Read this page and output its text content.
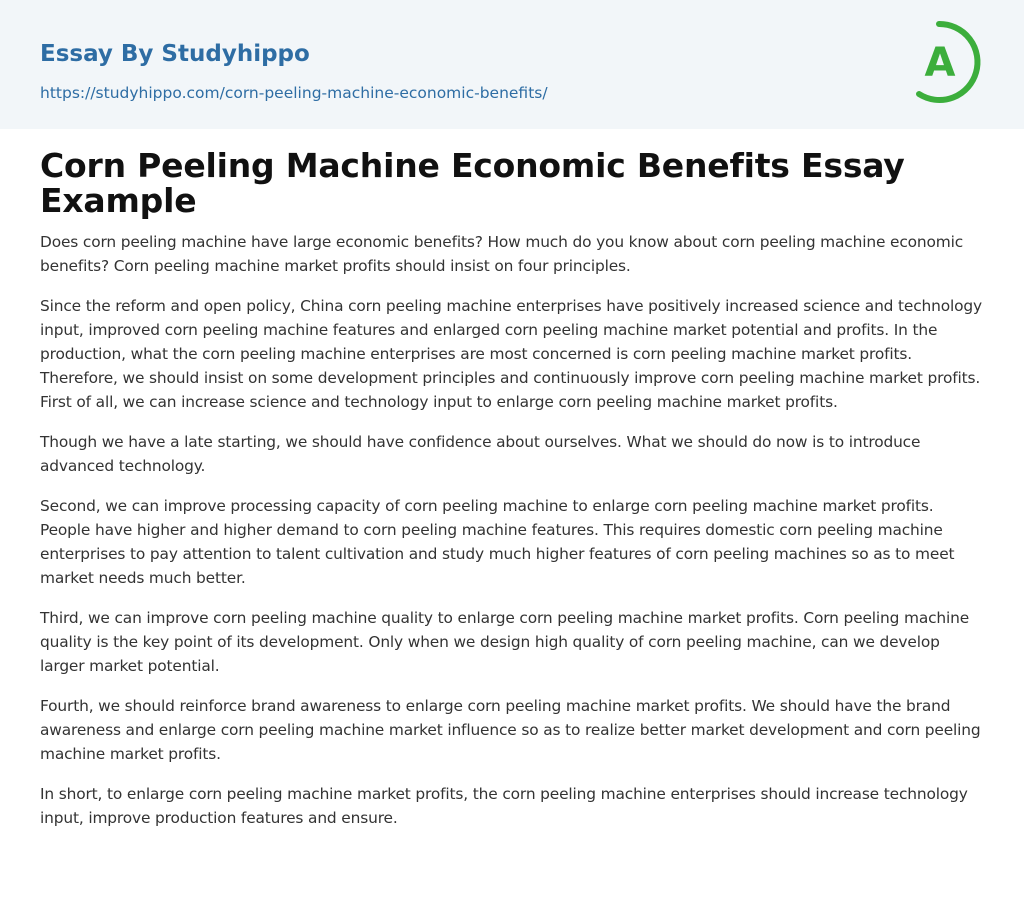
Essay By Studyhippo
https://studyhippo.com/corn-peeling-machine-economic-benefits/
A
Corn Peeling Machine Economic Benefits Essay Example

Does corn peeling machine have large economic benefits? How much do you know about corn peeling machine economic benefits? Corn peeling machine market profits should insist on four principles.

Since the reform and open policy, China corn peeling machine enterprises have positively increased science and technology input, improved corn peeling machine features and enlarged corn peeling machine market potential and profits. In the production, what the corn peeling machine enterprises are most concerned is corn peeling machine market profits. Therefore, we should insist on some development principles and continuously improve corn peeling machine market profits. First of all, we can increase science and technology input to enlarge corn peeling machine market profits.

Though we have a late starting, we should have confidence about ourselves. What we should do now is to introduce advanced technology.

Second, we can improve processing capacity of corn peeling machine to enlarge corn peeling machine market profits. People have higher and higher demand to corn peeling machine features. This requires domestic corn peeling machine enterprises to pay attention to talent cultivation and study much higher features of corn peeling machines so as to meet market needs much better.

Third, we can improve corn peeling machine quality to enlarge corn peeling machine market profits. Corn peeling machine quality is the key point of its development. Only when we design high quality of corn peeling machine, can we develop larger market potential.

Fourth, we should reinforce brand awareness to enlarge corn peeling machine market profits. We should have the brand awareness and enlarge corn peeling machine market influence so as to realize better market development and corn peeling machine market profits.

In short, to enlarge corn peeling machine market profits, the corn peeling machine enterprises should increase technology input, improve production features and ensure.
